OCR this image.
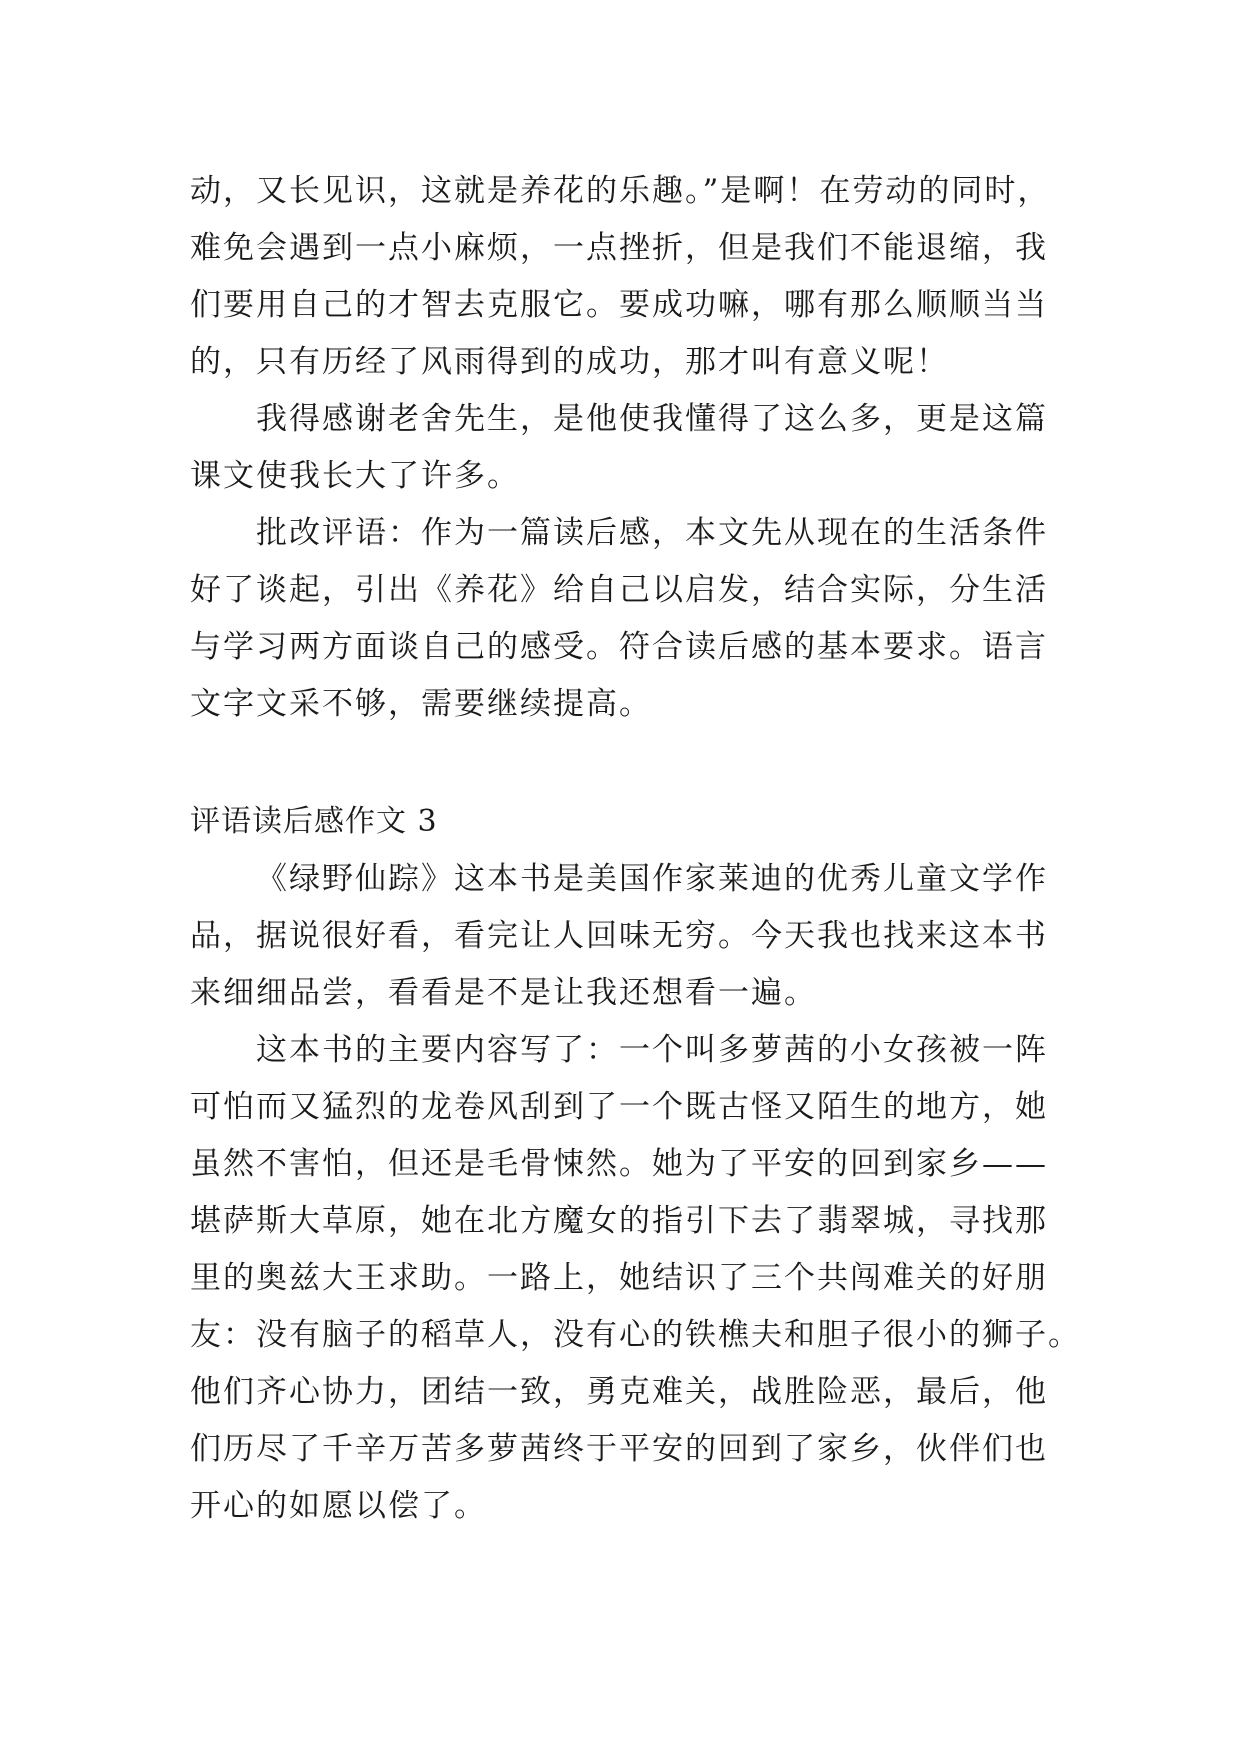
动，又长见识，这就是养花的乐趣。”是啊！在劳动的同时，
难免会遇到一点小麻烦，一点挫折，但是我们不能退缩，我
们要用自己的才智去克服它。要成功嘛，哪有那么顺顺当当
的，只有历经了风雨得到的成功，那才叫有意义呢！
我得感谢老舍先生，是他使我懂得了这么多，更是这篇
课文使我长大了许多。
批改评语：作为一篇读后感，本文先从现在的生活条件
好了谈起，引出《养花》给自己以启发，结合实际，分生活
与学习两方面谈自己的感受。符合读后感的基本要求。语言
文字文采不够，需要继续提高。
评语读后感作文 3
《绿野仙踪》这本书是美国作家莱迪的优秀儿童文学作
品，据说很好看，看完让人回味无穷。今天我也找来这本书
来细细品尝，看看是不是让我还想看一遍。
这本书的主要内容写了：一个叫多萝茜的小女孩被一阵
可怕而又猛烈的龙卷风刮到了一个既古怪又陌生的地方，她
虽然不害怕，但还是毛骨悚然。她为了平安的回到家乡——
堪萨斯大草原，她在北方魔女的指引下去了翡翠城，寻找那
里的奥兹大王求助。一路上，她结识了三个共闯难关的好朋
友：没有脑子的稻草人，没有心的铁樵夫和胆子很小的狮子。
他们齐心协力，团结一致，勇克难关，战胜险恶，最后，他
们历尽了千辛万苦多萝茜终于平安的回到了家乡，伙伴们也
开心的如愿以偿了。
